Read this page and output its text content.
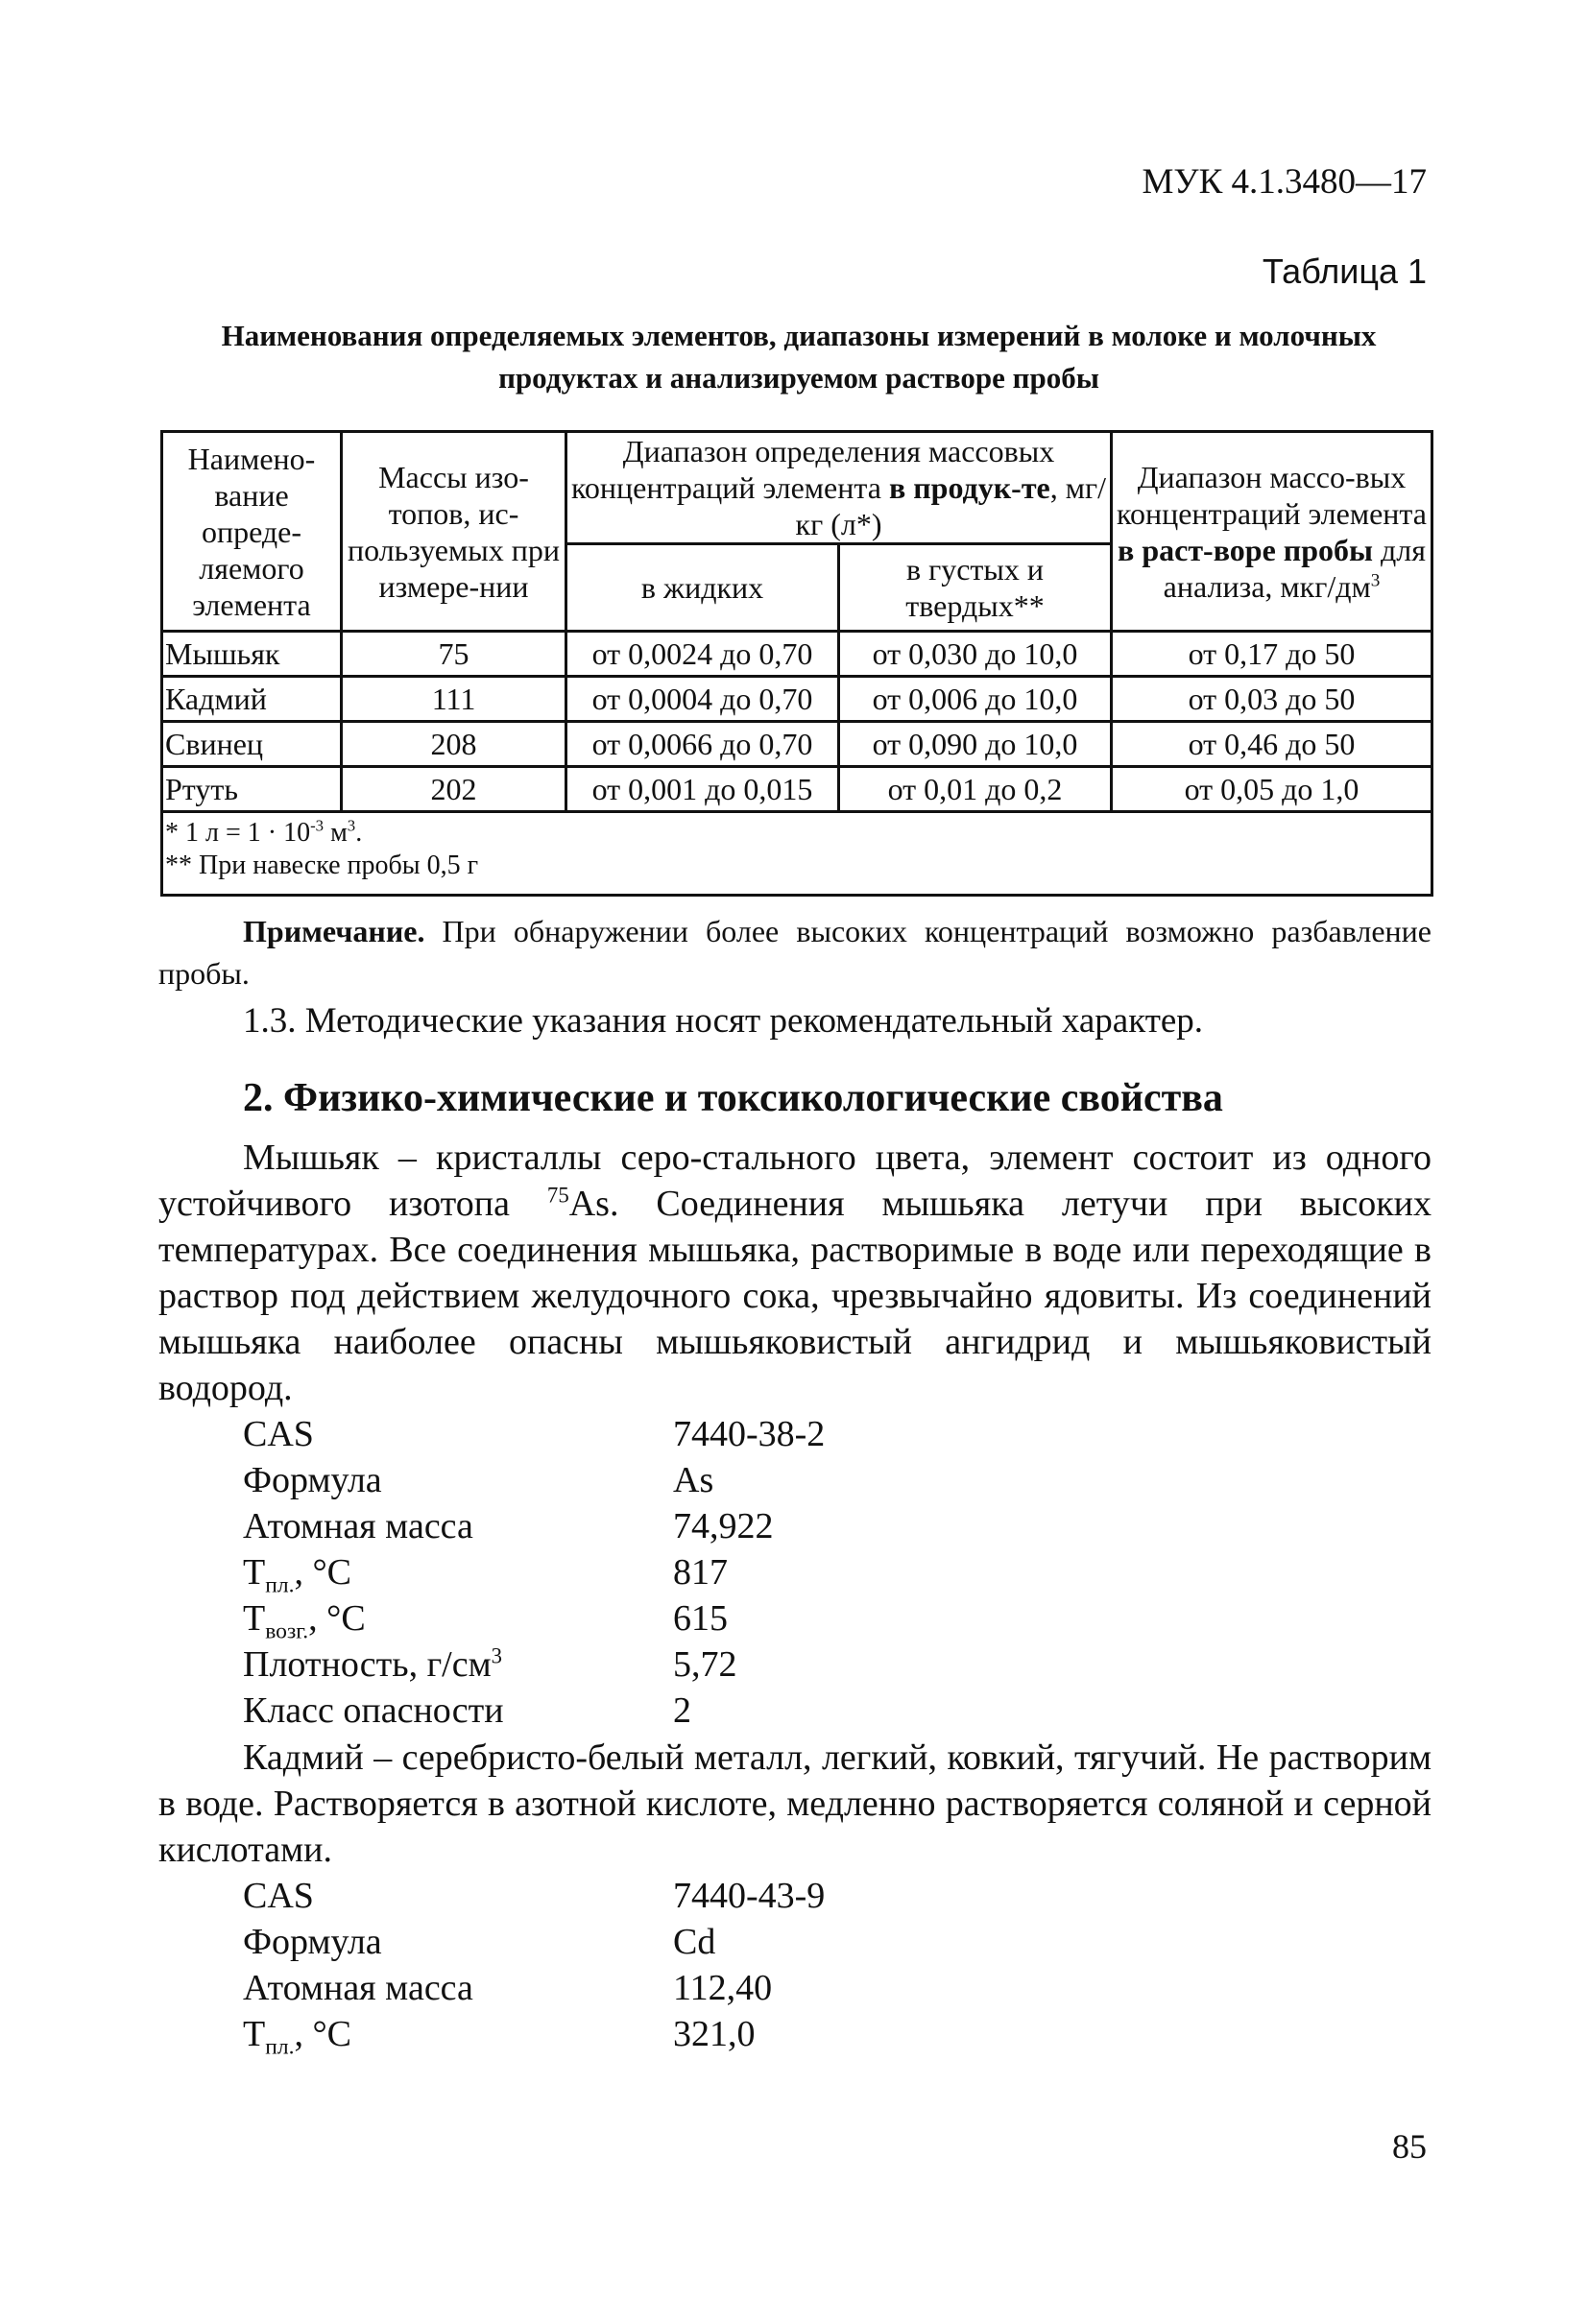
МУК 4.1.3480—17
Таблица 1
Наименования определяемых элементов, диапазоны измерений в молоке и молочных продуктах и анализируемом растворе пробы
Наимено-вание опреде-ляемого элемента	Массы изо-топов, ис-пользуемых при измере-нии	Диапазон определения массовых концентраций элемента в продук-те, мг/кг (л*)		Диапазон массо-вых концентраций элемента в раст-воре пробы для анализа, мкг/$дм^3$
		в жидких	в густых и твердых**	
Мышьяк	75	от 0,0024 до 0,70	от 0,030 до 10,0	от 0,17 до 50
Кадмий	111	от 0,0004 до 0,70	от 0,006 до 10,0	от 0,03 до 50
Свинец	208	от 0,0066 до 0,70	от 0,090 до 10,0	от 0,46 до 50
Ртуть	202	от 0,001 до 0,015	от 0,01 до 0,2	от 0,05 до 1,0

* 1 $л = 1 \cdot 10^{-3}$ $м^3$.
** При навеске пробы 0,5 г				
Примечание. При обнаружении более высоких концентраций возможно разбавление пробы.
1.3. Методические указания носят рекомендательный характер.
2. Физико-химические и токсикологические свойства
Мышьяк – кристаллы серо-стального цвета, элемент состоит из одного устойчивого изотопа $^{75}$As. Соединения мышьяка летучи при высоких температурах. Все соединения мышьяка, растворимые в воде или переходящие в раствор под действием желудочного сока, чрезвычайно ядовиты. Из соединений мышьяка наиболее опасны мышьяковистый ангидрид и мышьяковистый водород.
CAS	7440-38-2
Формула	As
Атомная масса	74,922
$Т_{пл.}$, °С	817
$Т_{возг.}$, °С	615
Плотность, $г/см^3$	5,72
Класс опасности	2
Кадмий – серебристо-белый металл, легкий, ковкий, тягучий. Не растворим в воде. Растворяется в азотной кислоте, медленно растворяется соляной и серной кислотами.
CAS	7440-43-9
Формула	Cd
Атомная масса	112,40
$Т_{пл.}$, °С	321,0
85
